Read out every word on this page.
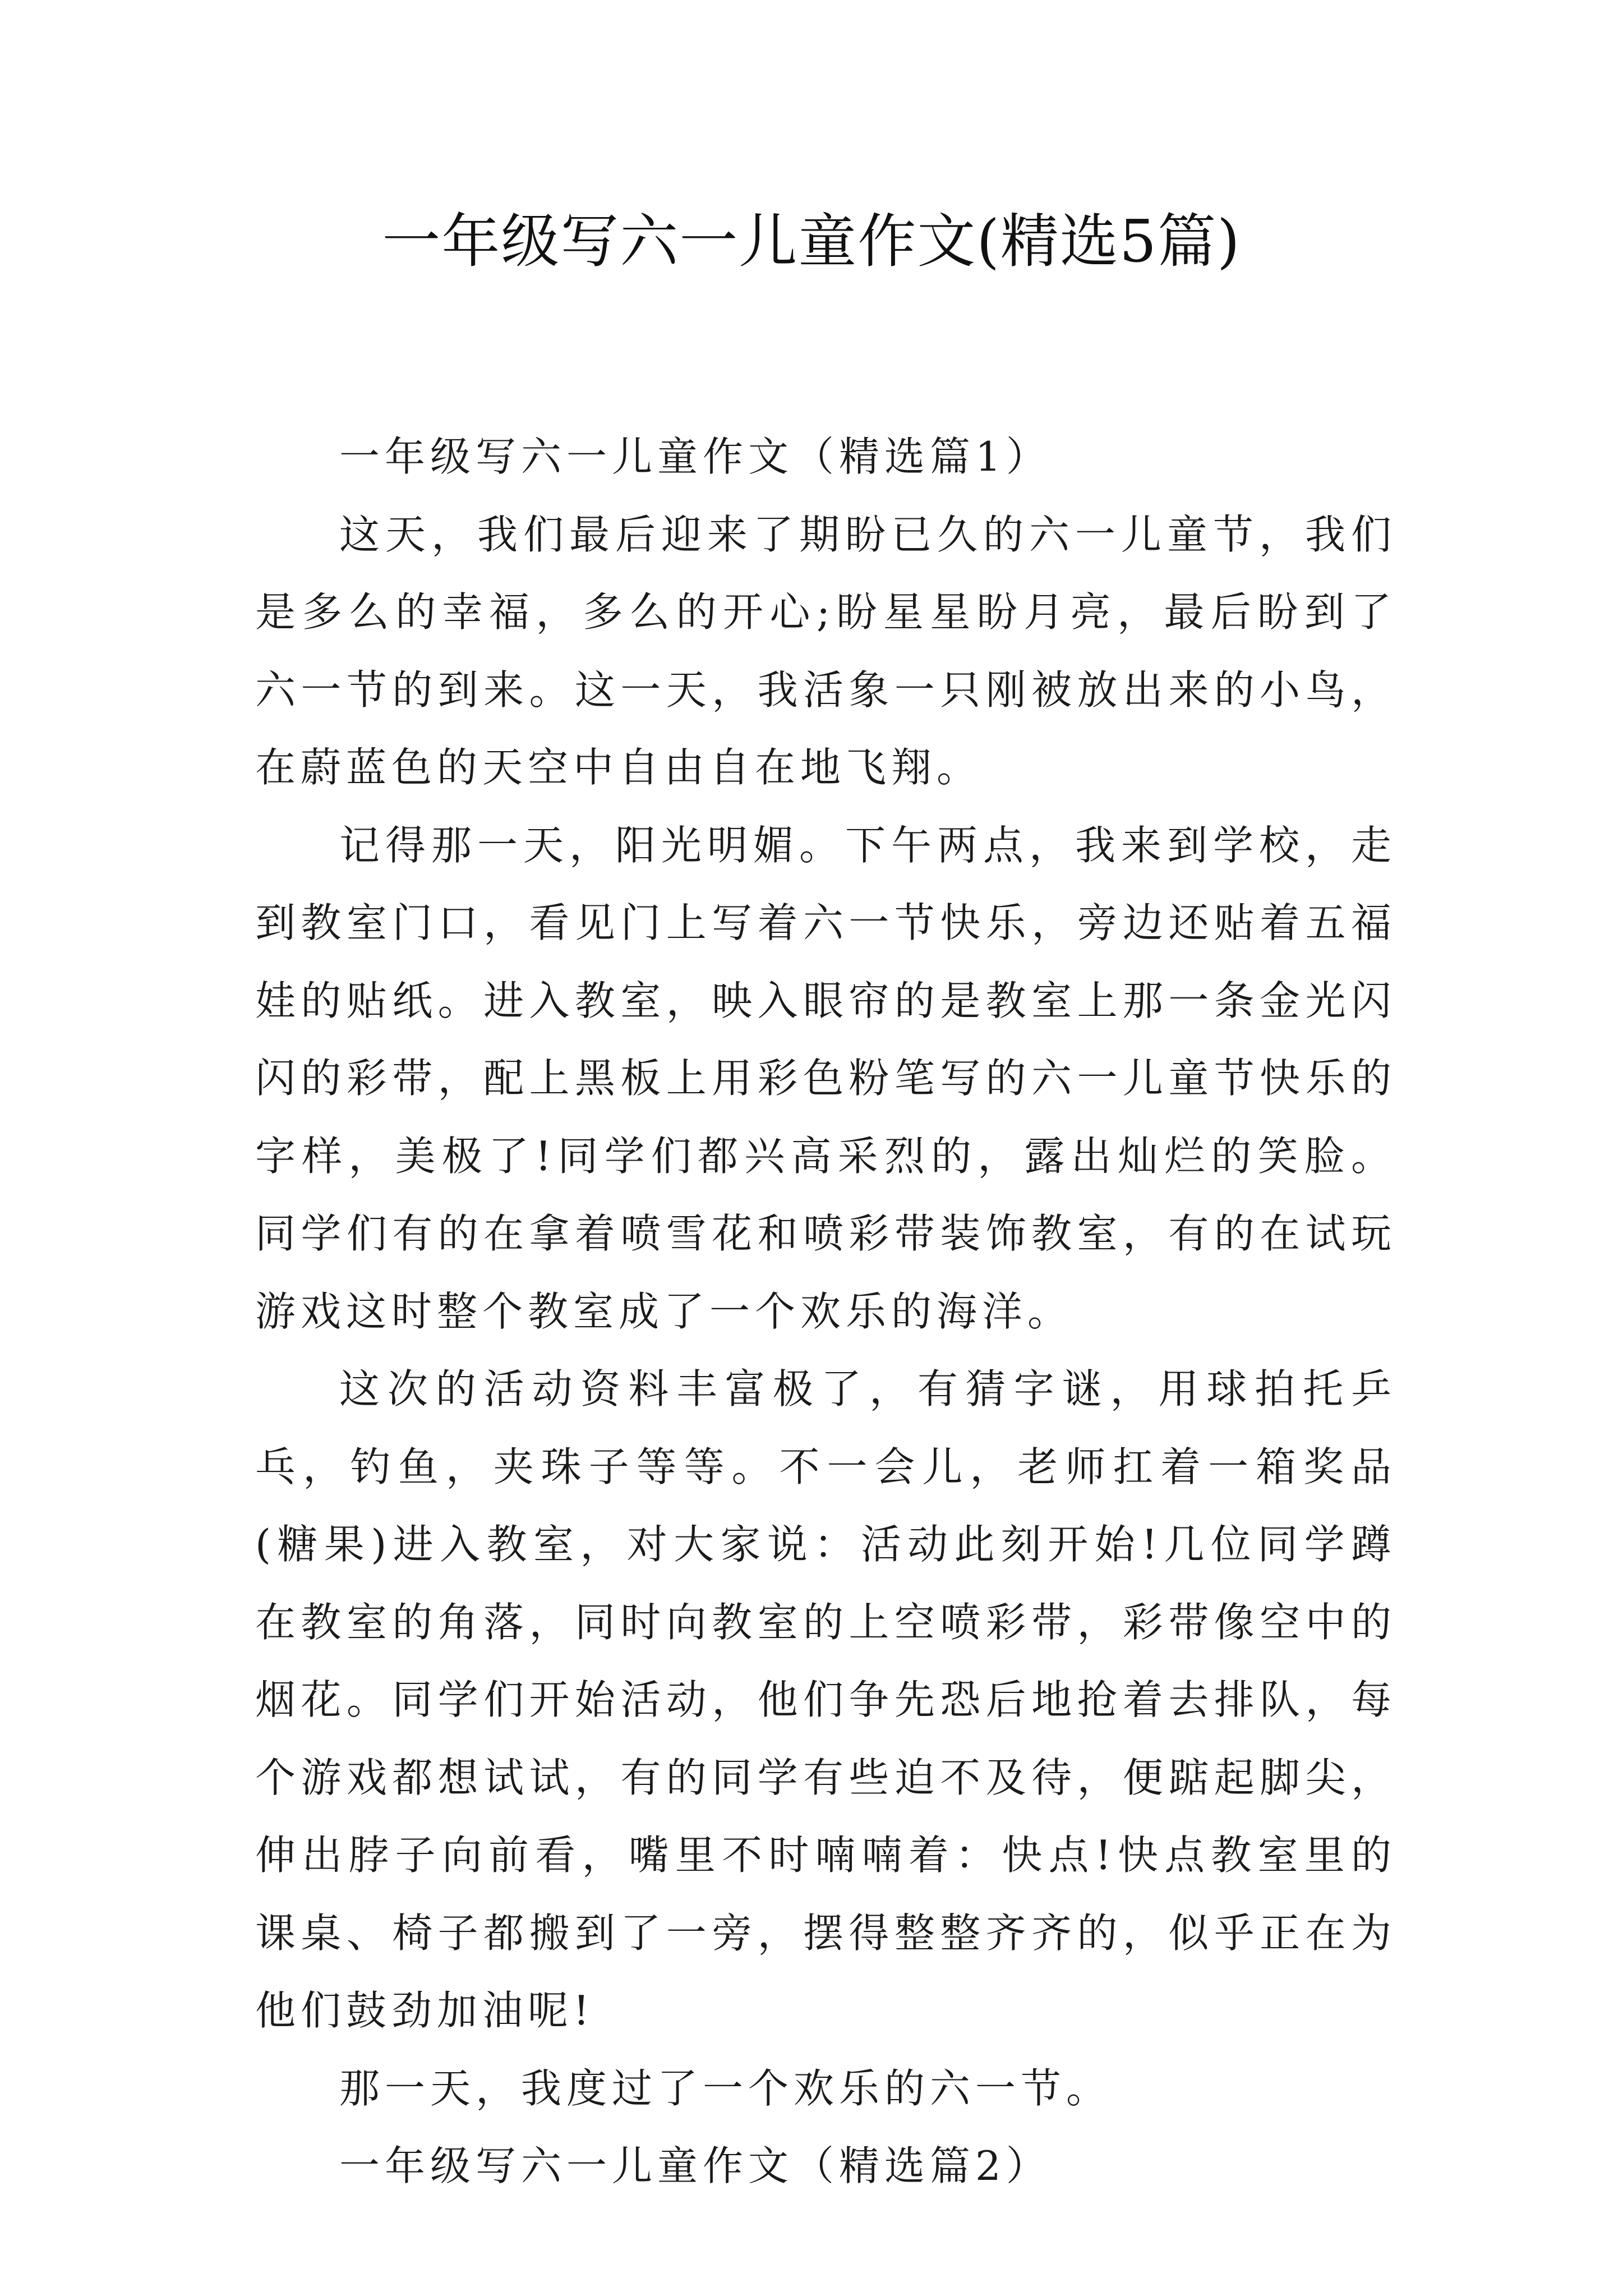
一年级写六一儿童作文(精选5篇)

一年级写六一儿童作文（精选篇1）

这天，我们最后迎来了期盼已久的六一儿童节，我们是多么的幸福，多么的开心;盼星星盼月亮，最后盼到了六一节的到来。这一天，我活象一只刚被放出来的小鸟，在蔚蓝色的天空中自由自在地飞翔。

记得那一天，阳光明媚。下午两点，我来到学校，走到教室门口，看见门上写着六一节快乐，旁边还贴着五福娃的贴纸。进入教室，映入眼帘的是教室上那一条金光闪闪的彩带，配上黑板上用彩色粉笔写的六一儿童节快乐的字样，美极了!同学们都兴高采烈的，露出灿烂的笑脸。同学们有的在拿着喷雪花和喷彩带装饰教室，有的在试玩游戏这时整个教室成了一个欢乐的海洋。

这次的活动资料丰富极了，有猜字谜，用球拍托乒乓，钓鱼，夹珠子等等。不一会儿，老师扛着一箱奖品(糖果)进入教室，对大家说：活动此刻开始!几位同学蹲在教室的角落，同时向教室的上空喷彩带，彩带像空中的烟花。同学们开始活动，他们争先恐后地抢着去排队，每个游戏都想试试，有的同学有些迫不及待，便踮起脚尖，伸出脖子向前看，嘴里不时喃喃着：快点!快点教室里的课桌、椅子都搬到了一旁，摆得整整齐齐的，似乎正在为他们鼓劲加油呢!

那一天，我度过了一个欢乐的六一节。

一年级写六一儿童作文（精选篇2）
